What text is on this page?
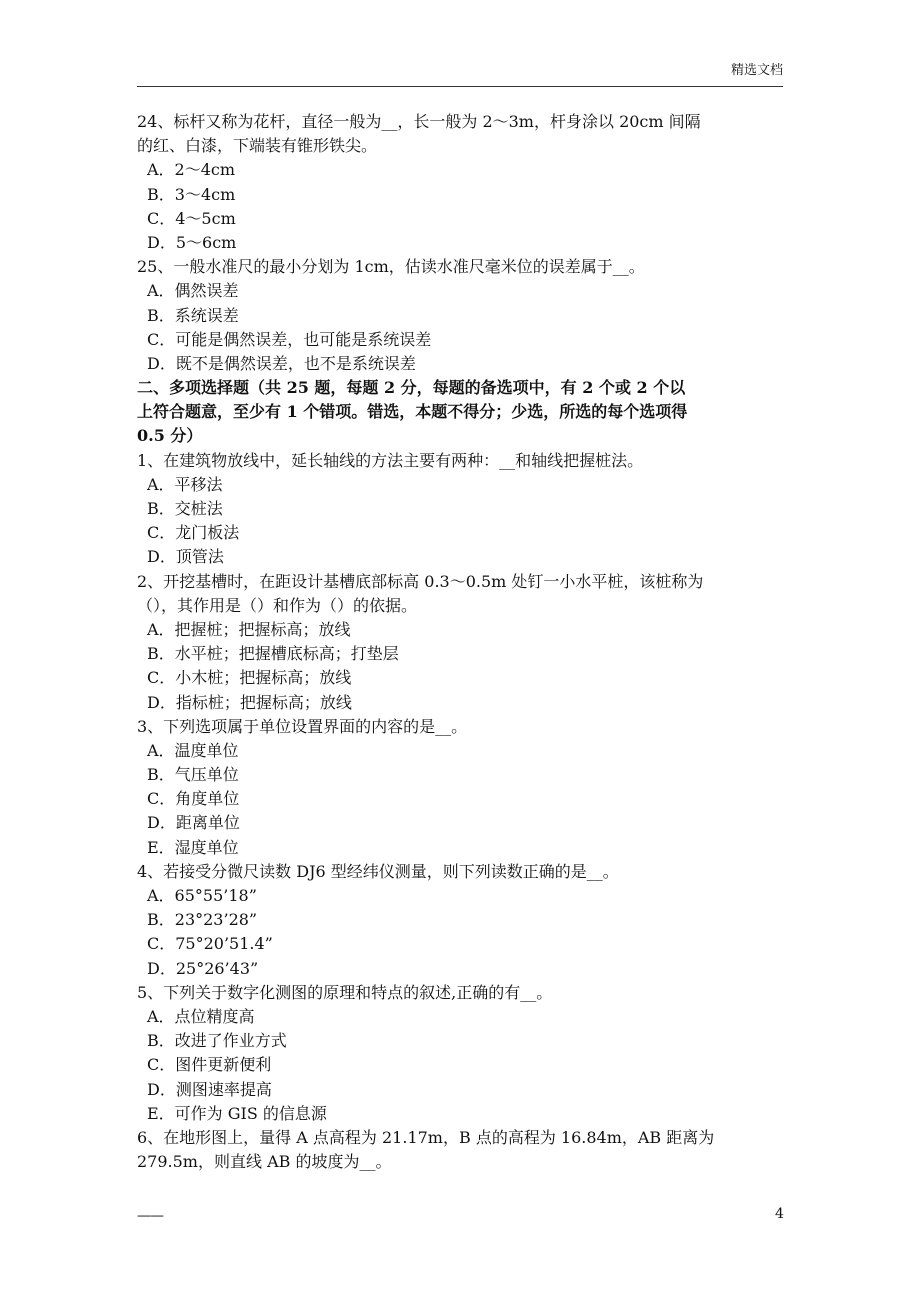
精选文档
24、标杆又称为花杆，直径一般为__，长一般为 2～3m，杆身涂以 20cm 间隔
的红、白漆，下端装有锥形铁尖。
A．2～4cm
B．3～4cm
C．4～5cm
D．5～6cm
25、一般水准尺的最小分划为 1cm，估读水准尺毫米位的误差属于__。
A．偶然误差
B．系统误差
C．可能是偶然误差，也可能是系统误差
D．既不是偶然误差，也不是系统误差
二、多项选择题（共 25 题，每题 2 分，每题的备选项中，有 2 个或 2 个以
上符合题意，至少有 1 个错项。错选，本题不得分；少选，所选的每个选项得
0.5 分）
1、在建筑物放线中，延长轴线的方法主要有两种：__和轴线把握桩法。
A．平移法
B．交桩法
C．龙门板法
D．顶管法
2、开挖基槽时，在距设计基槽底部标高 0.3～0.5m 处钉一小水平桩，该桩称为
（），其作用是（）和作为（）的依据。
A．把握桩；把握标高；放线
B．水平桩；把握槽底标高；打垫层
C．小木桩；把握标高；放线
D．指标桩；把握标高；放线
3、下列选项属于单位设置界面的内容的是__。
A．温度单位
B．气压单位
C．角度单位
D．距离单位
E．湿度单位
4、若接受分微尺读数 DJ6 型经纬仪测量，则下列读数正确的是__。
A．65°55’18”
B．23°23’28”
C．75°20’51.4”
D．25°26’43”
5、下列关于数字化测图的原理和特点的叙述,正确的有__。
A．点位精度高
B．改进了作业方式
C．图件更新便利
D．测图速率提高
E．可作为 GIS 的信息源
6、在地形图上，量得 A 点高程为 21.17m，B 点的高程为 16.84m，AB 距离为
279.5m，则直线 AB 的坡度为__。
——	4
